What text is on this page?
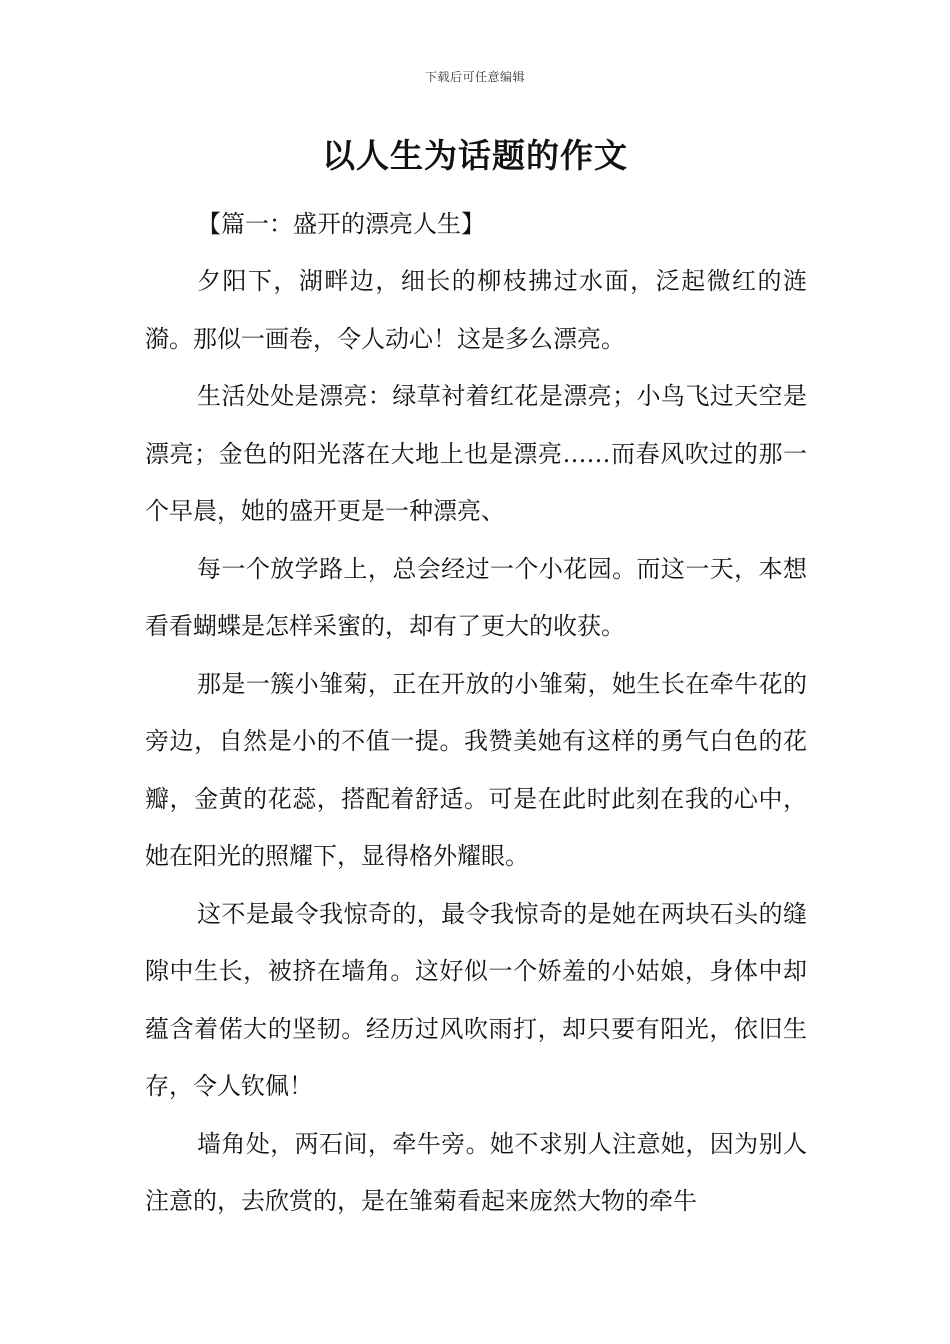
下载后可任意编辑
以人生为话题的作文

【篇一：盛开的漂亮人生】

夕阳下，湖畔边，细长的柳枝拂过水面，泛起微红的涟漪。那似一画卷，令人动心！这是多么漂亮。

生活处处是漂亮：绿草衬着红花是漂亮；小鸟飞过天空是漂亮；金色的阳光落在大地上也是漂亮……而春风吹过的那一个早晨，她的盛开更是一种漂亮、

每一个放学路上，总会经过一个小花园。而这一天，本想看看蝴蝶是怎样采蜜的，却有了更大的收获。

那是一簇小雏菊，正在开放的小雏菊，她生长在牵牛花的旁边，自然是小的不值一提。我赞美她有这样的勇气白色的花瓣，金黄的花蕊，搭配着舒适。可是在此时此刻在我的心中，她在阳光的照耀下，显得格外耀眼。

这不是最令我惊奇的，最令我惊奇的是她在两块石头的缝隙中生长，被挤在墙角。这好似一个娇羞的小姑娘，身体中却蕴含着偌大的坚韧。经历过风吹雨打，却只要有阳光，依旧生存，令人钦佩！

墙角处，两石间，牵牛旁。她不求别人注意她，因为别人注意的，去欣赏的，是在雏菊看起来庞然大物的牵牛
